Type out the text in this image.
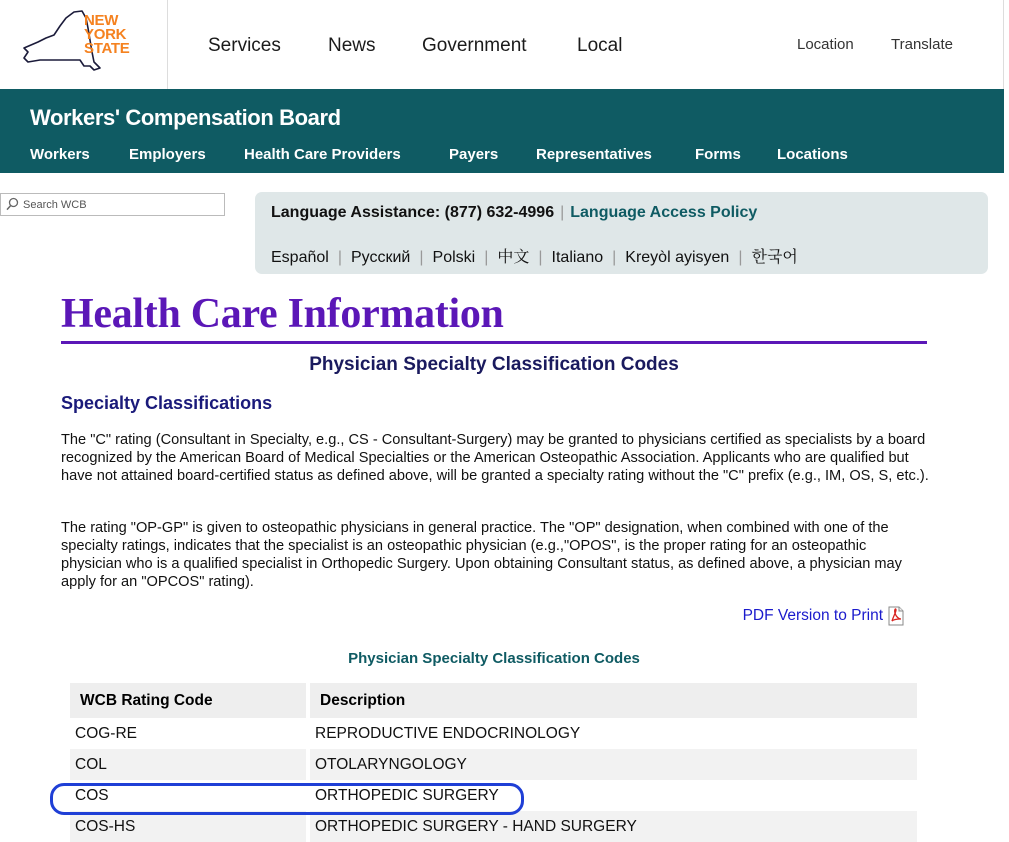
NEW
YORK
STATE	Services News Government	Local	Location Translate
Workers' Compensation Board
Workers	Employers	Health Care Providers	Payers	Representatives	Forms Locations
Search WCB
Language Assistance: (877) 632-4996 | Language Access Policy
Español | Русский | Polski | 中文 | Italiano | Kreyòl ayisyen | 한국어
Health Care Information
Physician Specialty Classification Codes
Specialty Classifications

The "C" rating (Consultant in Specialty, e.g., CS - Consultant-Surgery) may be granted to physicians certified as specialists by a board recognized by the American Board of Medical Specialties or the American Osteopathic Association. Applicants who are qualified but have not attained board-certified status as defined above, will be granted a specialty rating without the "C" prefix (e.g., IM, OS, S, etc.).

The rating "OP-GP" is given to osteopathic physicians in general practice. The "OP" designation, when combined with one of the specialty ratings, indicates that the specialist is an osteopathic physician (e.g.,"OPOS", is the proper rating for an osteopathic physician who is a qualified specialist in Orthopedic Surgery. Upon obtaining Consultant status, as defined above, a physician may apply for an "OPCOS" rating).

PDF Version to Print
Physician Specialty Classification Codes
WCB Rating Code	Description
COG-RE	REPRODUCTIVE ENDOCRINOLOGY
COL	OTOLARYNGOLOGY
COS	ORTHOPEDIC SURGERY
COS-HS	ORTHOPEDIC SURGERY - HAND SURGERY
